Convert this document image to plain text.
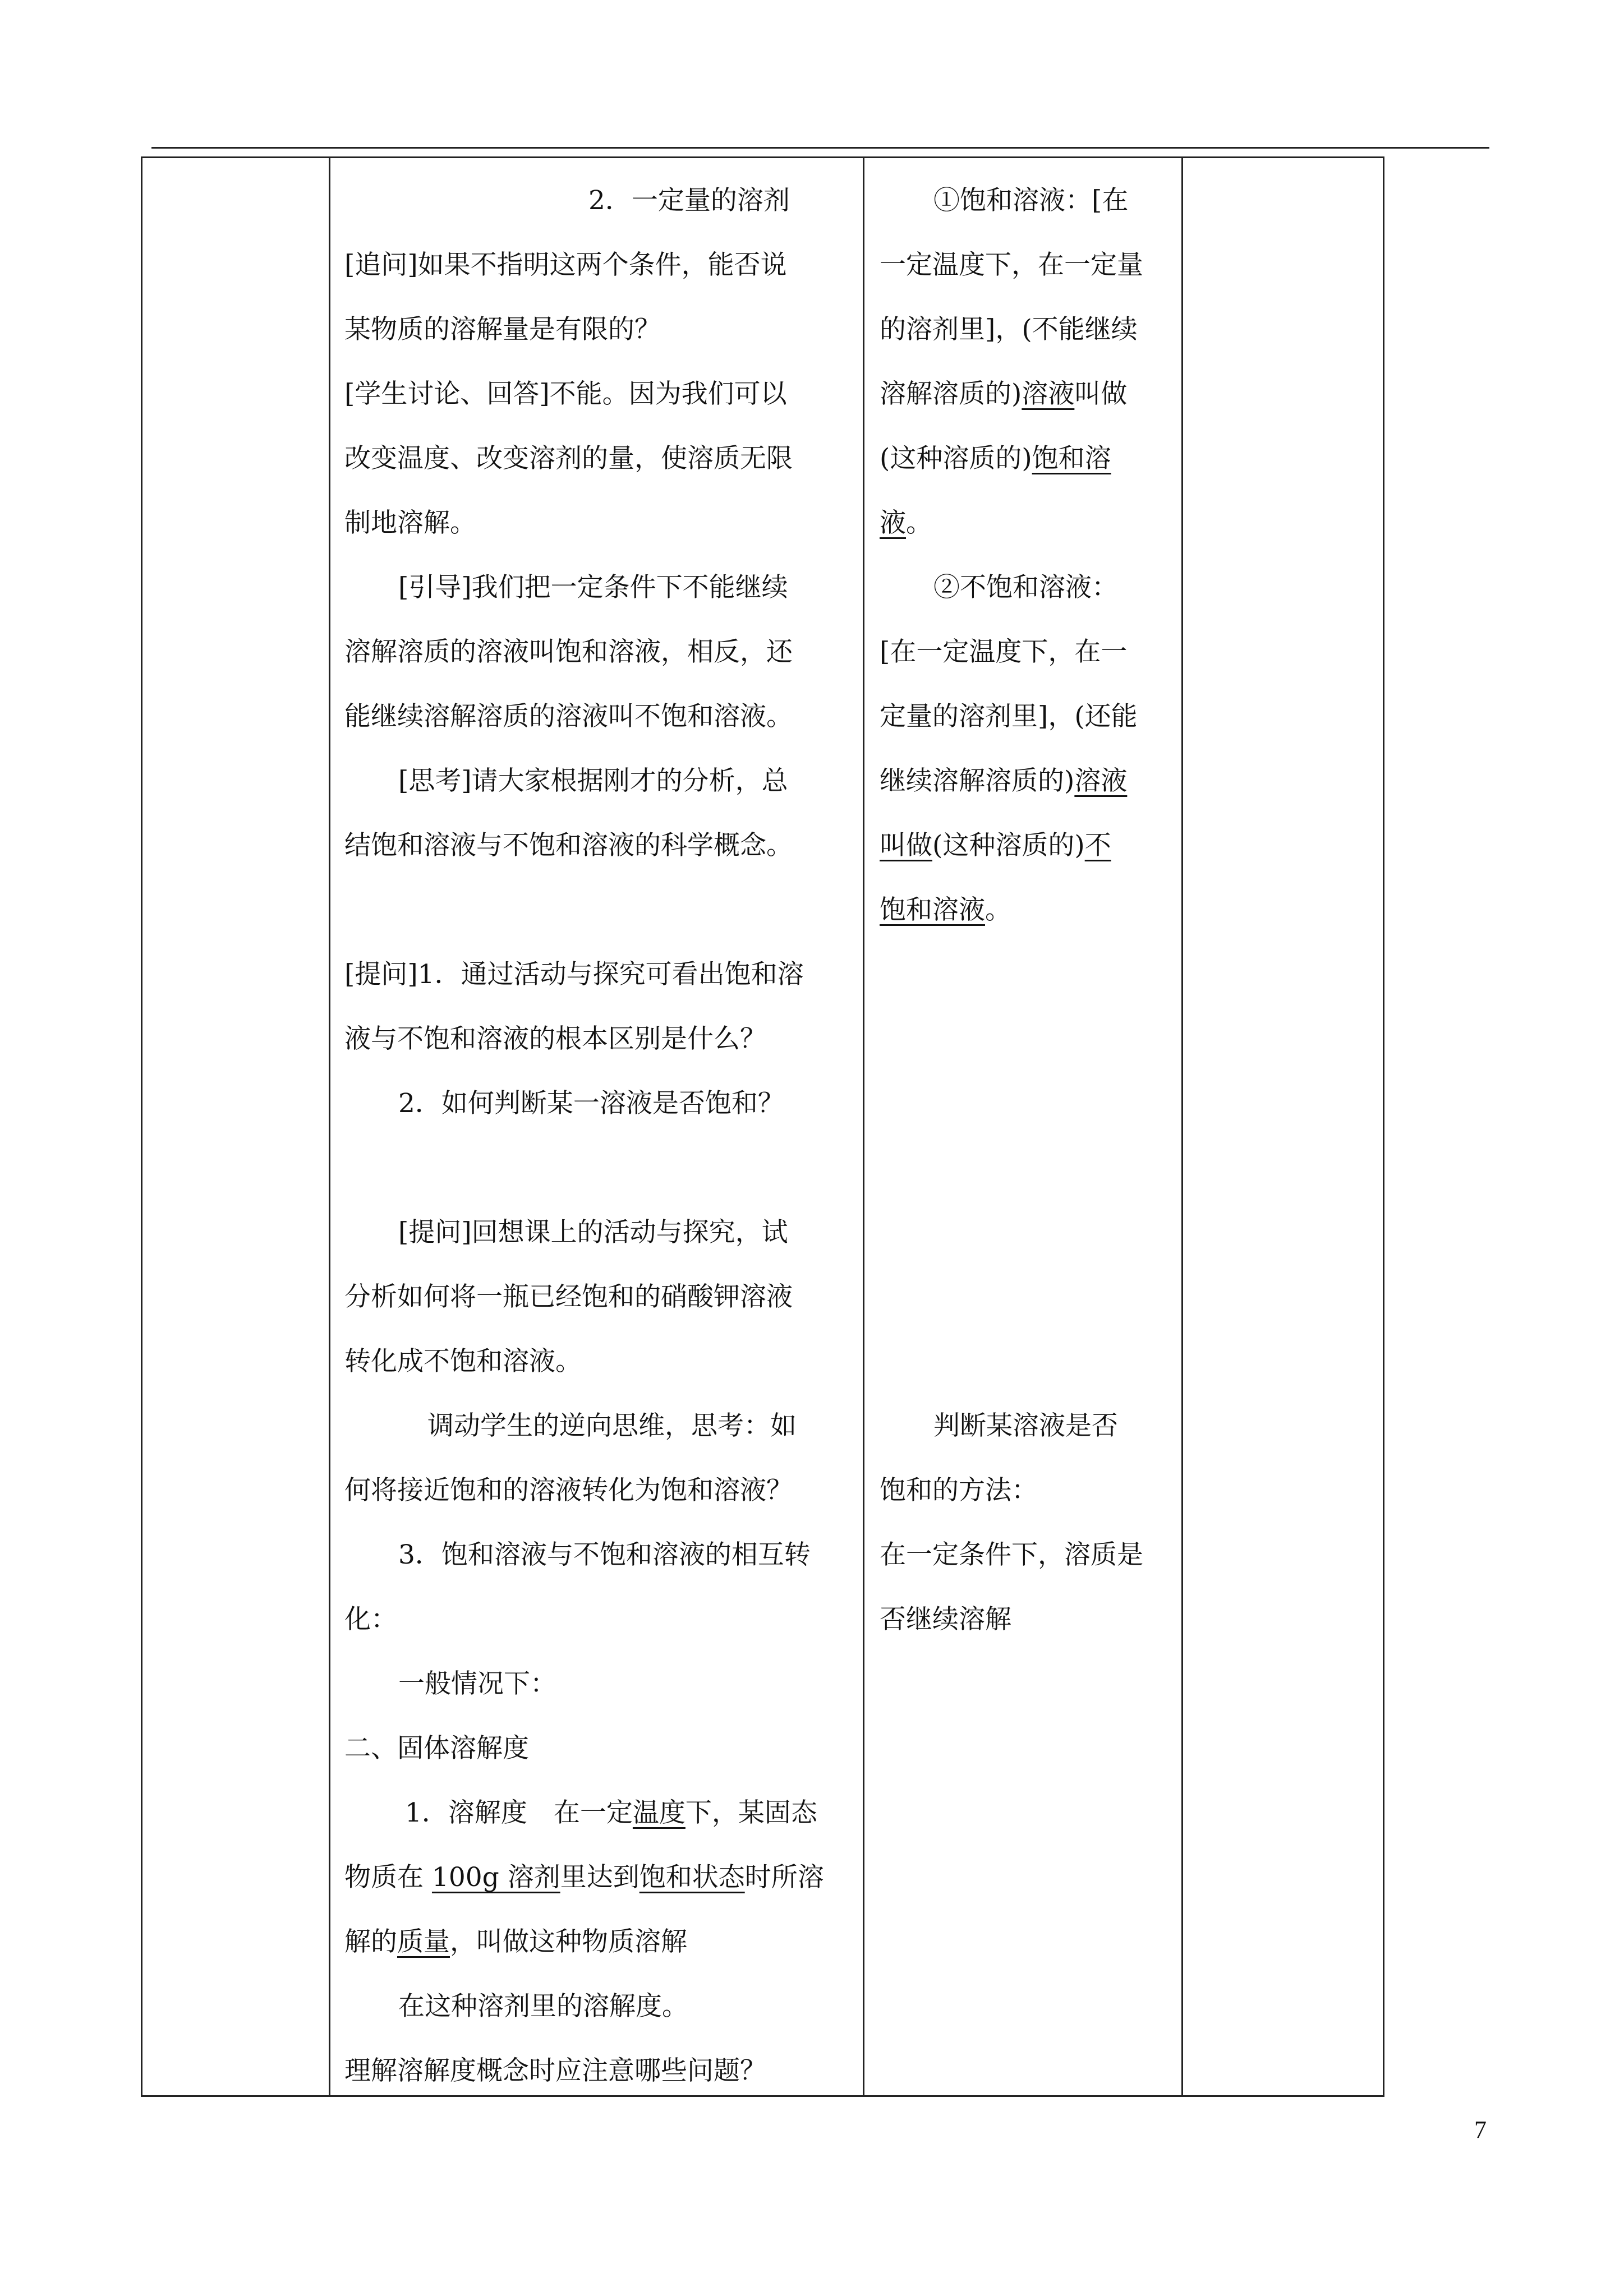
2．一定量的溶剂
[追问]如果不指明这两个条件，能否说
某物质的溶解量是有限的？
[学生讨论、回答]不能。因为我们可以
改变温度、改变溶剂的量，使溶质无限
制地溶解。
[引导]我们把一定条件下不能继续
溶解溶质的溶液叫饱和溶液，相反，还
能继续溶解溶质的溶液叫不饱和溶液。
[思考]请大家根据刚才的分析，总
结饱和溶液与不饱和溶液的科学概念。
[提问]1．通过活动与探究可看出饱和溶
液与不饱和溶液的根本区别是什么？
2．如何判断某一溶液是否饱和？
[提问]回想课上的活动与探究，试
分析如何将一瓶已经饱和的硝酸钾溶液
转化成不饱和溶液。
调动学生的逆向思维，思考：如
何将接近饱和的溶液转化为饱和溶液？
3．饱和溶液与不饱和溶液的相互转
化：
一般情况下：
二、固体溶解度
1．溶解度　在一定温度下，某固态
物质在 100g 溶剂里达到饱和状态时所溶
解的质量，叫做这种物质溶解
在这种溶剂里的溶解度。
理解溶解度概念时应注意哪些问题？
①饱和溶液：[在
一定温度下，在一定量
的溶剂里]，(不能继续
溶解溶质的)溶液叫做
(这种溶质的)饱和溶
液。
②不饱和溶液：
[在一定温度下，在一
定量的溶剂里]，(还能
继续溶解溶质的)溶液
叫做(这种溶质的)不
饱和溶液。
判断某溶液是否
饱和的方法：
在一定条件下，溶质是
否继续溶解
7
